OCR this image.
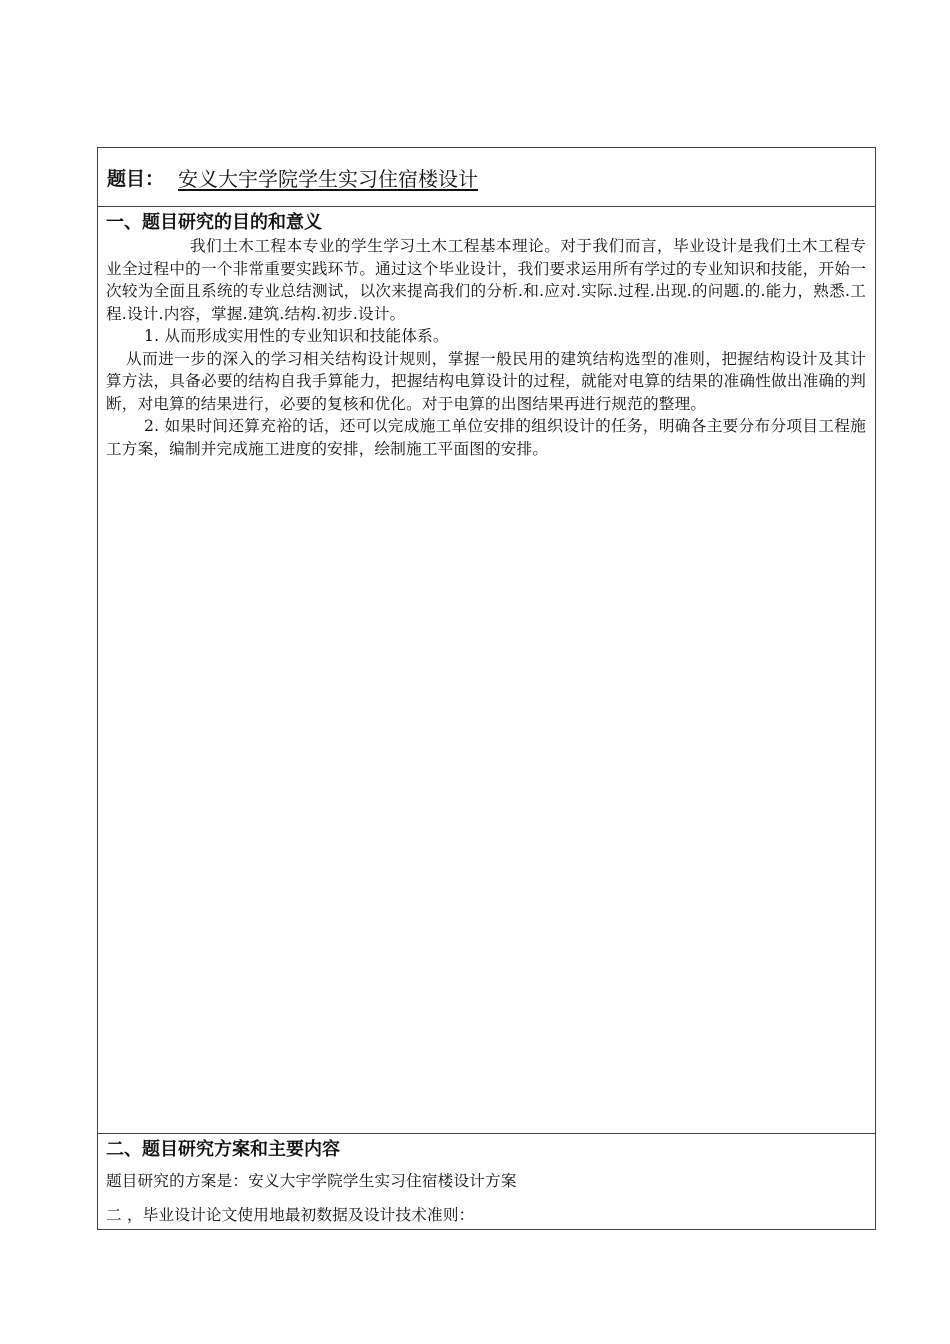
题目： 安义大宇学院学生实习住宿楼设计

一、题目研究的目的和意义

我们土木工程本专业的学生学习土木工程基本理论。对于我们而言，毕业设计是我们土木工程专业全过程中的一个非常重要实践环节。通过这个毕业设计，我们要求运用所有学过的专业知识和技能，开始一次较为全面且系统的专业总结测试，以次来提高我们的分析.和.应对.实际.过程.出现.的问题.的.能力，熟悉.工程.设计.内容，掌握.建筑.结构.初步.设计。

1. 从而形成实用性的专业知识和技能体系。

从而进一步的深入的学习相关结构设计规则，掌握一般民用的建筑结构选型的准则，把握结构设计及其计算方法，具备必要的结构自我手算能力，把握结构电算设计的过程，就能对电算的结果的准确性做出准确的判断，对电算的结果进行，必要的复核和优化。对于电算的出图结果再进行规范的整理。

2. 如果时间还算充裕的话，还可以完成施工单位安排的组织设计的任务，明确各主要分布分项目工程施工方案，编制并完成施工进度的安排，绘制施工平面图的安排。

二、题目研究方案和主要内容

题目研究的方案是：安义大宇学院学生实习住宿楼设计方案

二 ，毕业设计论文使用地最初数据及设计技术准则：
